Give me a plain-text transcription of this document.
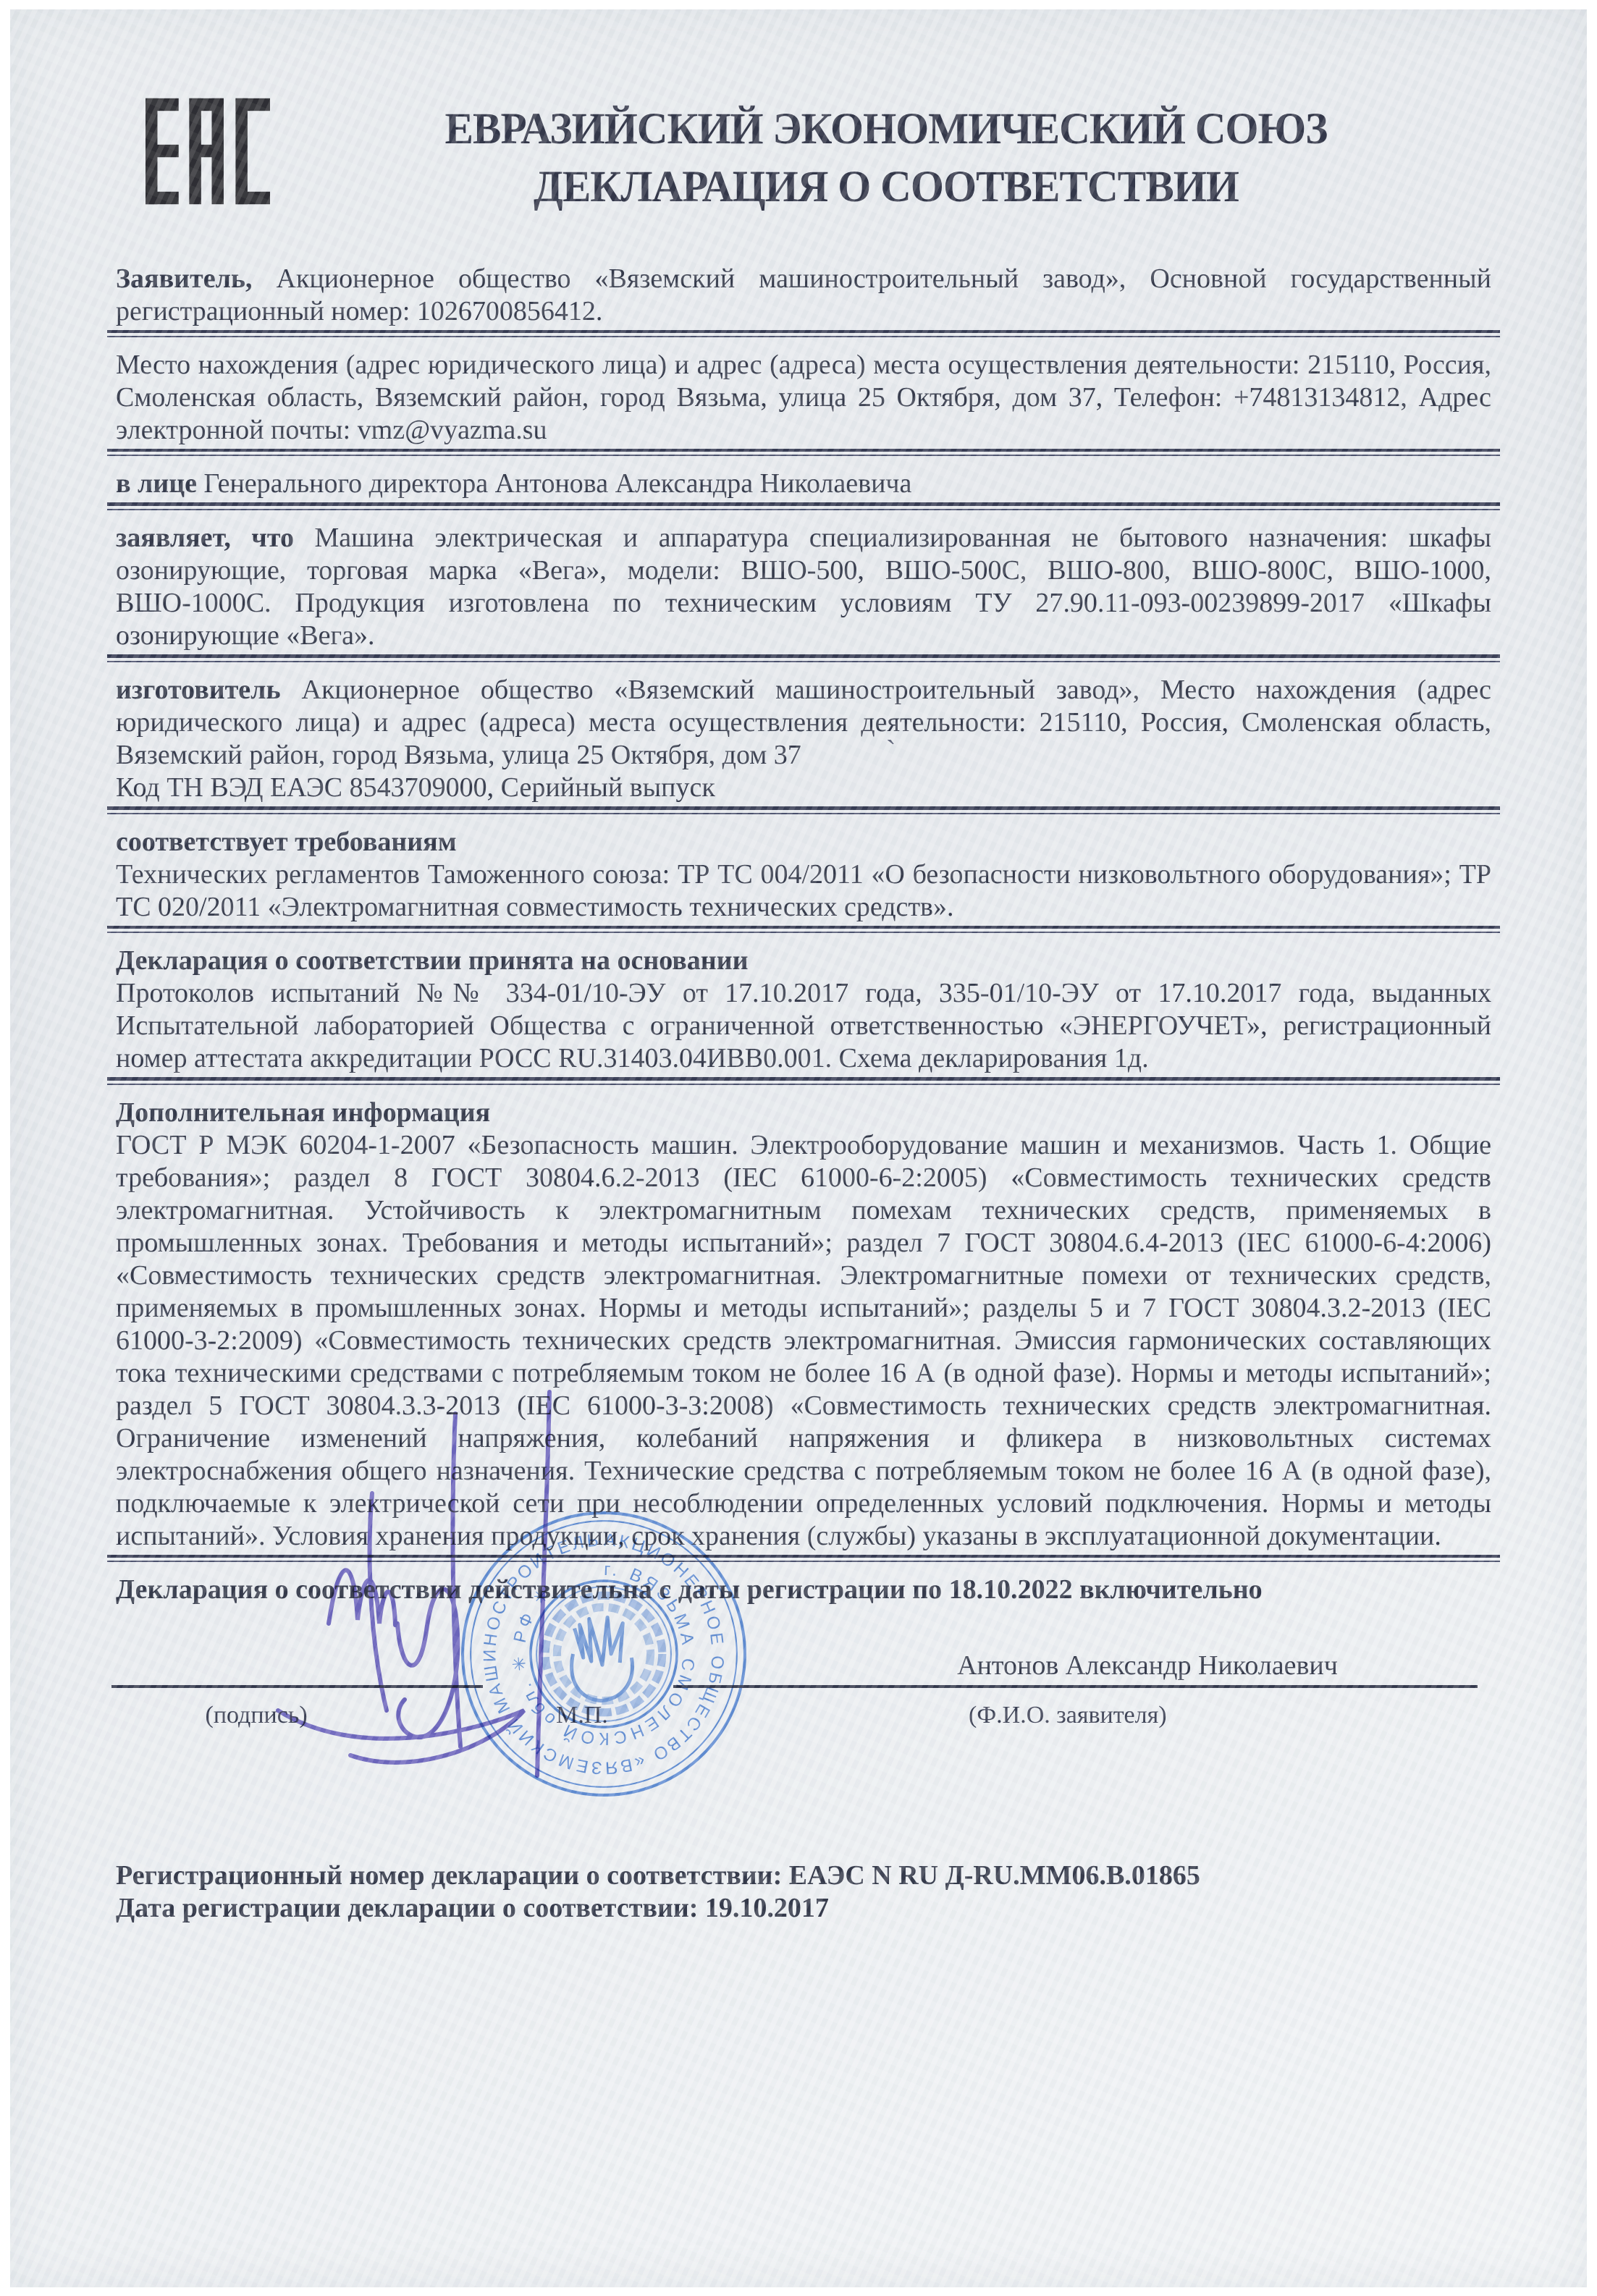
ЕВРАЗИЙСКИЙ ЭКОНОМИЧЕСКИЙ СОЮЗ
ДЕКЛАРАЦИЯ О СООТВЕТСТВИИ
`

Заявитель, Акционерное общество «Вяземский машиностроительный завод», Основной государственный регистрационный номер: 1026700856412.

Место нахождения (адрес юридического лица) и адрес (адреса) места осуществления деятельности: 215110, Россия, Смоленская область, Вяземский район, город Вязьма, улица 25 Октября, дом 37, Телефон: +74813134812, Адрес электронной почты: vmz@vyazma.su

в лице Генерального директора Антонова Александра Николаевича

заявляет, что Машина электрическая и аппаратура специализированная не бытового назначения: шкафы озонирующие, торговая марка «Вега», модели: ВШО-500, ВШО-500С, ВШО-800, ВШО-800С, ВШО-1000, ВШО-1000С. Продукция изготовлена по техническим условиям ТУ 27.90.11-093-00239899-2017 «Шкафы озонирующие «Вега».

изготовитель Акционерное общество «Вяземский машиностроительный завод», Место нахождения (адрес юридического лица) и адрес (адреса) места осуществления деятельности: 215110, Россия, Смоленская область, Вяземский район, город Вязьма, улица 25 Октября, дом 37

Код ТН ВЭД ЕАЭС 8543709000, Серийный выпуск

соответствует требованиям

Технических регламентов Таможенного союза: ТР ТС 004/2011 «О безопасности низковольтного оборудования»; ТР ТС 020/2011 «Электромагнитная совместимость технических средств».

Декларация о соответствии принята на основании

Протоколов испытаний №№ 334-01/10-ЭУ от 17.10.2017 года, 335-01/10-ЭУ от 17.10.2017 года, выданных Испытательной лабораторией Общества с ограниченной ответственностью «ЭНЕРГОУЧЕТ», регистрационный номер аттестата аккредитации РОСС RU.31403.04ИВВ0.001. Схема декларирования 1д.

Дополнительная информация

ГОСТ Р МЭК 60204-1-2007 «Безопасность машин. Электрооборудование машин и механизмов. Часть 1. Общие требования»; раздел 8 ГОСТ 30804.6.2-2013 (IEC 61000-6-2:2005) «Совместимость технических средств электромагнитная. Устойчивость к электромагнитным помехам технических средств, применяемых в промышленных зонах. Требования и методы испытаний»; раздел 7 ГОСТ 30804.6.4-2013 (IEC 61000-6-4:2006) «Совместимость технических средств электромагнитная. Электромагнитные помехи от технических средств, применяемых в промышленных зонах. Нормы и методы испытаний»; разделы 5 и 7 ГОСТ 30804.3.2-2013 (IEC 61000-3-2:2009) «Совместимость технических средств электромагнитная. Эмиссия гармонических составляющих тока техническими средствами с потребляемым током не более 16 А (в одной фазе). Нормы и методы испытаний»; раздел 5 ГОСТ 30804.3.3-2013 (IEC 61000-3-3:2008) «Совместимость технических средств электромагнитная. Ограничение изменений напряжения, колебаний напряжения и фликера в низковольтных системах электроснабжения общего назначения. Технические средства с потребляемым током не более 16 А (в одной фазе), подключаемые к электрической сети при несоблюдении определенных условий подключения. Нормы и методы испытаний». Условия хранения продукции, срок хранения (службы) указаны в эксплуатационной документации.

Декларация о соответствии действительна с даты регистрации по 18.10.2022 включительно

Антонов Александр Николаевич
(подпись)	М.П.	(Ф.И.О. заявителя)

Регистрационный номер декларации о соответствии: ЕАЭС N RU Д-RU.ММ06.В.01865

Дата регистрации декларации о соответствии: 19.10.2017
